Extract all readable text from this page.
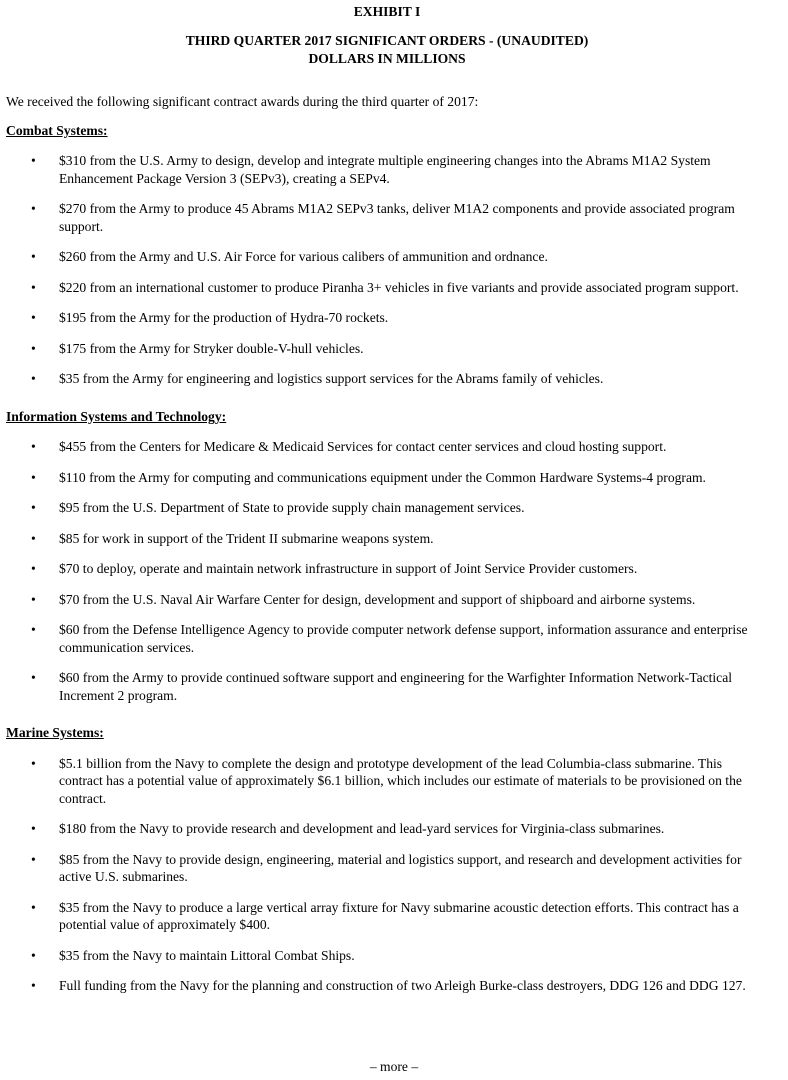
EXHIBIT I

THIRD QUARTER 2017 SIGNIFICANT ORDERS - (UNAUDITED)

DOLLARS IN MILLIONS

We received the following significant contract awards during the third quarter of 2017:

Combat Systems:

• $310 from the U.S. Army to design, develop and integrate multiple engineering changes into the Abrams M1A2 System Enhancement Package Version 3 (SEPv3), creating a SEPv4.
• $270 from the Army to produce 45 Abrams M1A2 SEPv3 tanks, deliver M1A2 components and provide associated program support.
• $260 from the Army and U.S. Air Force for various calibers of ammunition and ordnance.
• $220 from an international customer to produce Piranha 3+ vehicles in five variants and provide associated program support.
• $195 from the Army for the production of Hydra-70 rockets.
• $175 from the Army for Stryker double-V-hull vehicles.
• $35 from the Army for engineering and logistics support services for the Abrams family of vehicles.

Information Systems and Technology:

• $455 from the Centers for Medicare & Medicaid Services for contact center services and cloud hosting support.
• $110 from the Army for computing and communications equipment under the Common Hardware Systems-4 program.
• $95 from the U.S. Department of State to provide supply chain management services.
• $85 for work in support of the Trident II submarine weapons system.
• $70 to deploy, operate and maintain network infrastructure in support of Joint Service Provider customers.
• $70 from the U.S. Naval Air Warfare Center for design, development and support of shipboard and airborne systems.
• $60 from the Defense Intelligence Agency to provide computer network defense support, information assurance and enterprise communication services.
• $60 from the Army to provide continued software support and engineering for the Warfighter Information Network-Tactical Increment 2 program.

Marine Systems:

• $5.1 billion from the Navy to complete the design and prototype development of the lead Columbia-class submarine. This contract has a potential value of approximately $6.1 billion, which includes our estimate of materials to be provisioned on the contract.
• $180 from the Navy to provide research and development and lead-yard services for Virginia-class submarines.
• $85 from the Navy to provide design, engineering, material and logistics support, and research and development activities for active U.S. submarines.
• $35 from the Navy to produce a large vertical array fixture for Navy submarine acoustic detection efforts. This contract has a potential value of approximately $400.
• $35 from the Navy to maintain Littoral Combat Ships.
• Full funding from the Navy for the planning and construction of two Arleigh Burke-class destroyers, DDG 126 and DDG 127.
– more –
